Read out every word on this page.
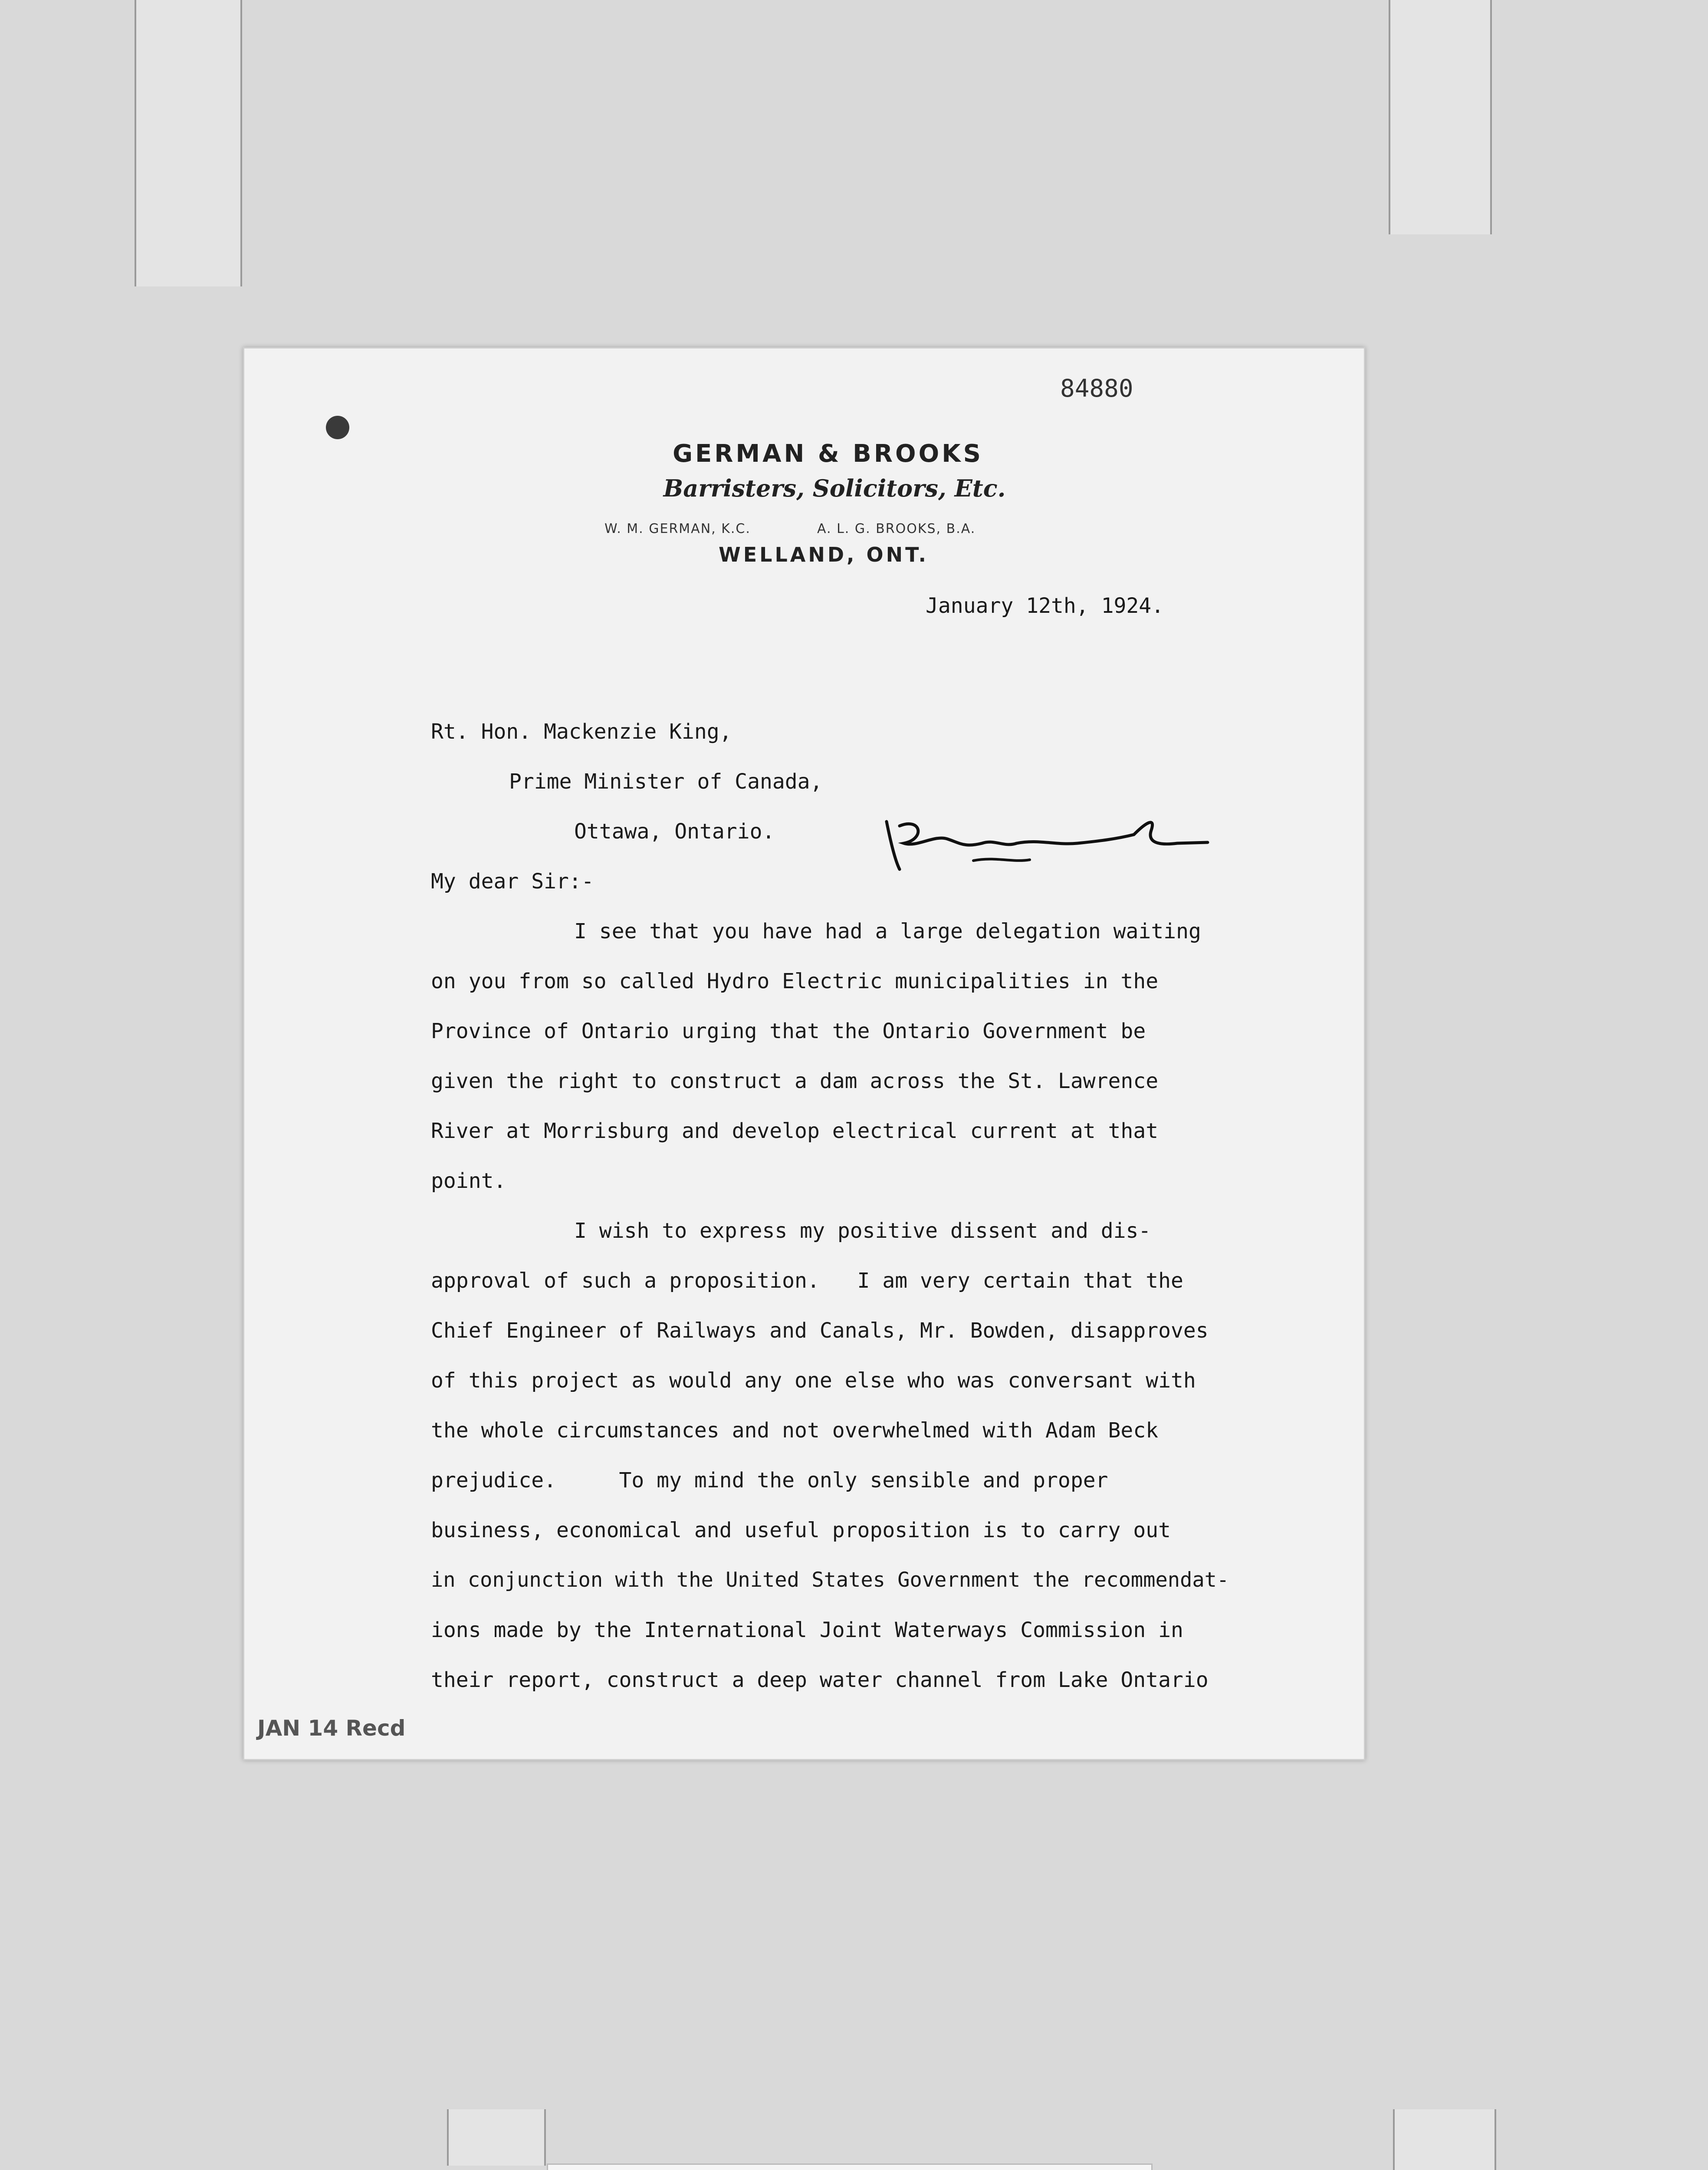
84880
GERMAN & BROOKS
Barristers, Solicitors, Etc.
W. M. GERMAN, K.C.	A. L. G. BROOKS, B.A.
WELLAND, ONT.
January 12th, 1924.
Rt. Hon. Mackenzie King,
Prime Minister of Canada,
Ottawa, Ontario.
My dear Sir:-
I see that you have had a large delegation waiting
on you from so called Hydro Electric municipalities in the
Province of Ontario urging that the Ontario Government be
given the right to construct a dam across the St. Lawrence
River at Morrisburg and develop electrical current at that
point.
I wish to express my positive dissent and dis-
approval of such a proposition.   I am very certain that the
Chief Engineer of Railways and Canals, Mr. Bowden, disapproves
of this project as would any one else who was conversant with
the whole circumstances and not overwhelmed with Adam Beck
prejudice.     To my mind the only sensible and proper
business, economical and useful proposition is to carry out
in conjunction with the United States Government the recommendat-
ions made by the International Joint Waterways Commission in
their report, construct a deep water channel from Lake Ontario
JAN 14 Recd
